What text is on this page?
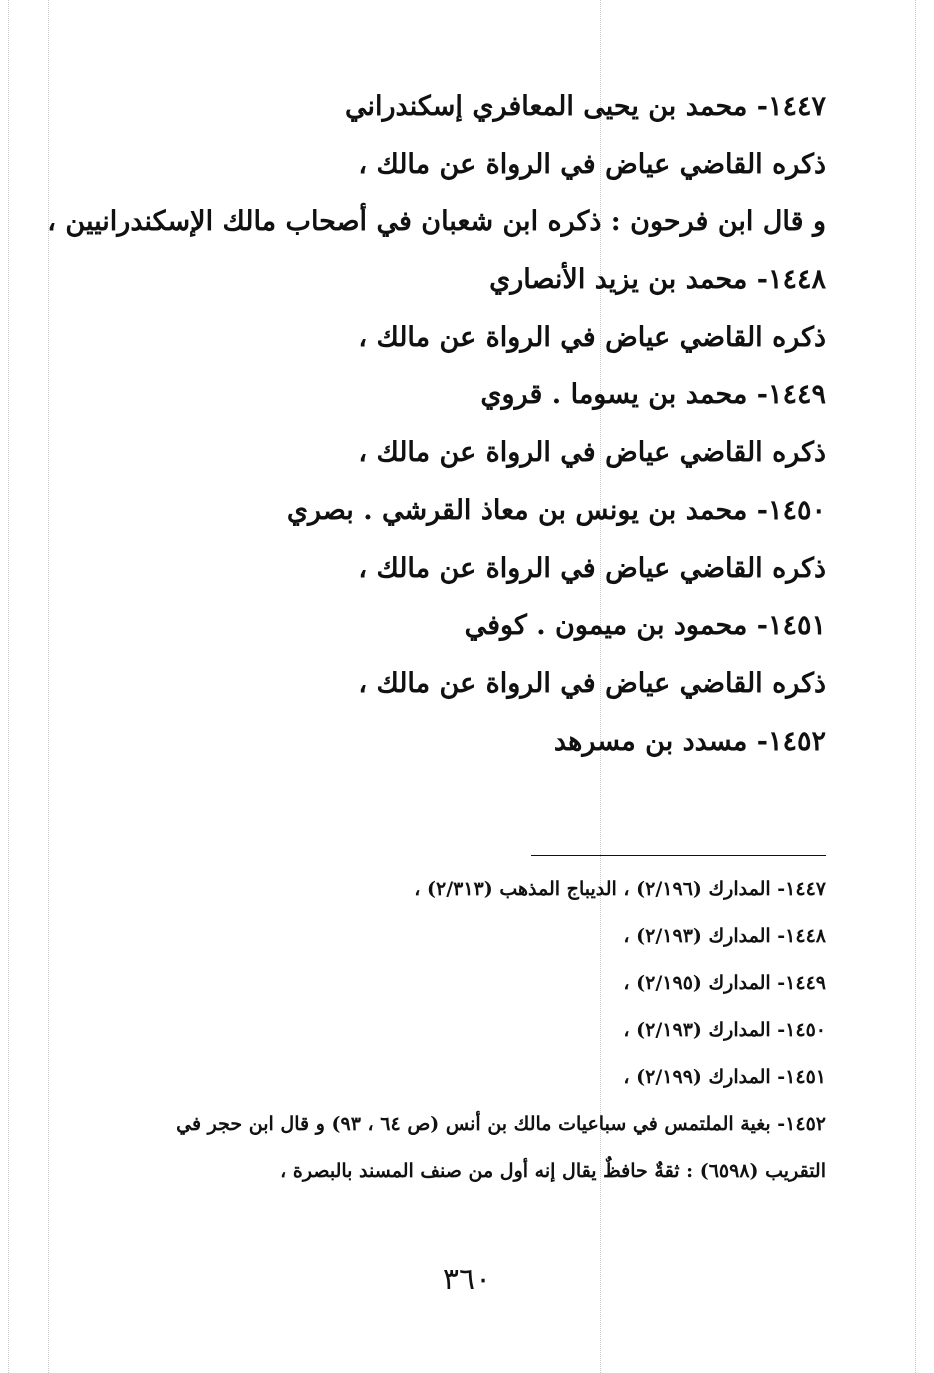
١٤٤٧- محمد بن يحيى المعافري إسكندراني
ذكره القاضي عياض في الرواة عن مالك ،
و قال ابن فرحون : ذكره ابن شعبان في أصحاب مالك الإسكندرانيين ،
١٤٤٨- محمد بن يزيد الأنصاري
ذكره القاضي عياض في الرواة عن مالك ،
١٤٤٩- محمد بن يسوما . قروي
ذكره القاضي عياض في الرواة عن مالك ،
١٤٥٠- محمد بن يونس بن معاذ القرشي . بصري
ذكره القاضي عياض في الرواة عن مالك ،
١٤٥١- محمود بن ميمون . كوفي
ذكره القاضي عياض في الرواة عن مالك ،
١٤٥٢- مسدد بن مسرهد
١٤٤٧- المدارك (٢/١٩٦) ، الديباج المذهب (٢/٣١٣) ،
١٤٤٨- المدارك (٢/١٩٣) ،
١٤٤٩- المدارك (٢/١٩٥) ،
١٤٥٠- المدارك (٢/١٩٣) ،
١٤٥١- المدارك (٢/١٩٩) ،
١٤٥٢- بغية الملتمس في سباعيات مالك بن أنس (ص ٦٤ ، ٩٣) و قال ابن حجر في
التقريب (٦٥٩٨) : ثقةٌ حافظٌ يقال إنه أول من صنف المسند بالبصرة ،
٣٦٠
